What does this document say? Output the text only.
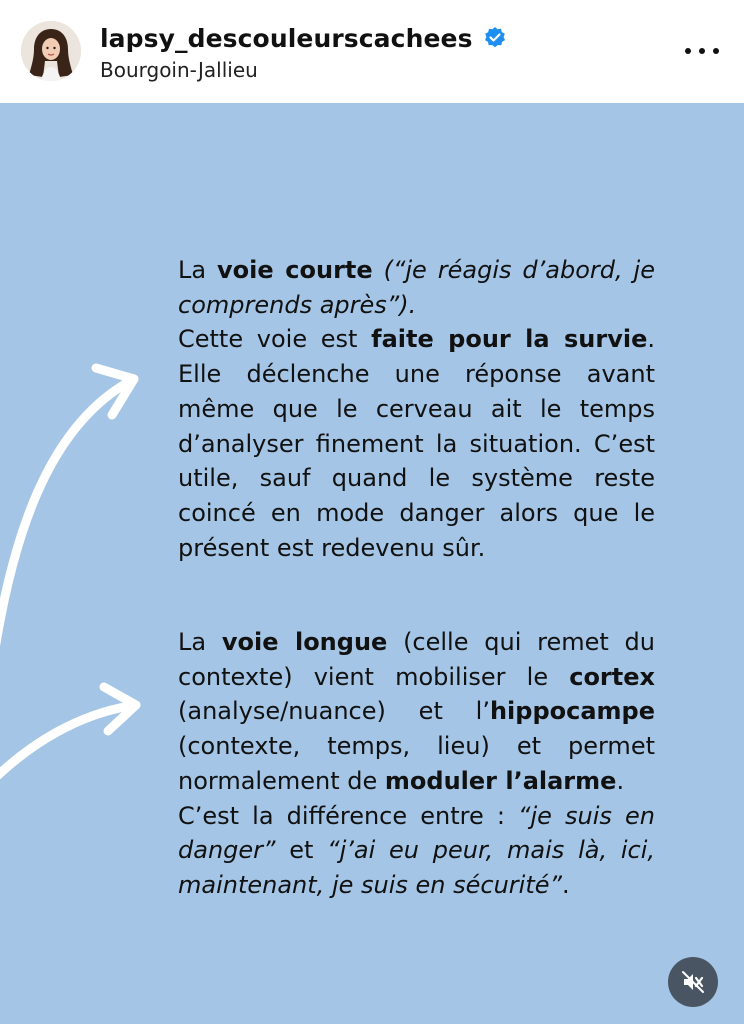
lapsy_descouleurscachees
Bourgoin-Jallieu

La voie courte (“je réagis d’abord, je comprends après”).

Cette voie est faite pour la survie. Elle déclenche une réponse avant même que le cerveau ait le temps d’analyser finement la situation. C’est utile, sauf quand le système reste coincé en mode danger alors que le présent est redevenu sûr.

La voie longue (celle qui remet du contexte) vient mobiliser le cortex (analyse/nuance) et l’hippocampe (contexte, temps, lieu) et permet normalement de moduler l’alarme.

C’est la différence entre : “je suis en danger” et “j’ai eu peur, mais là, ici, maintenant, je suis en sécurité”.
